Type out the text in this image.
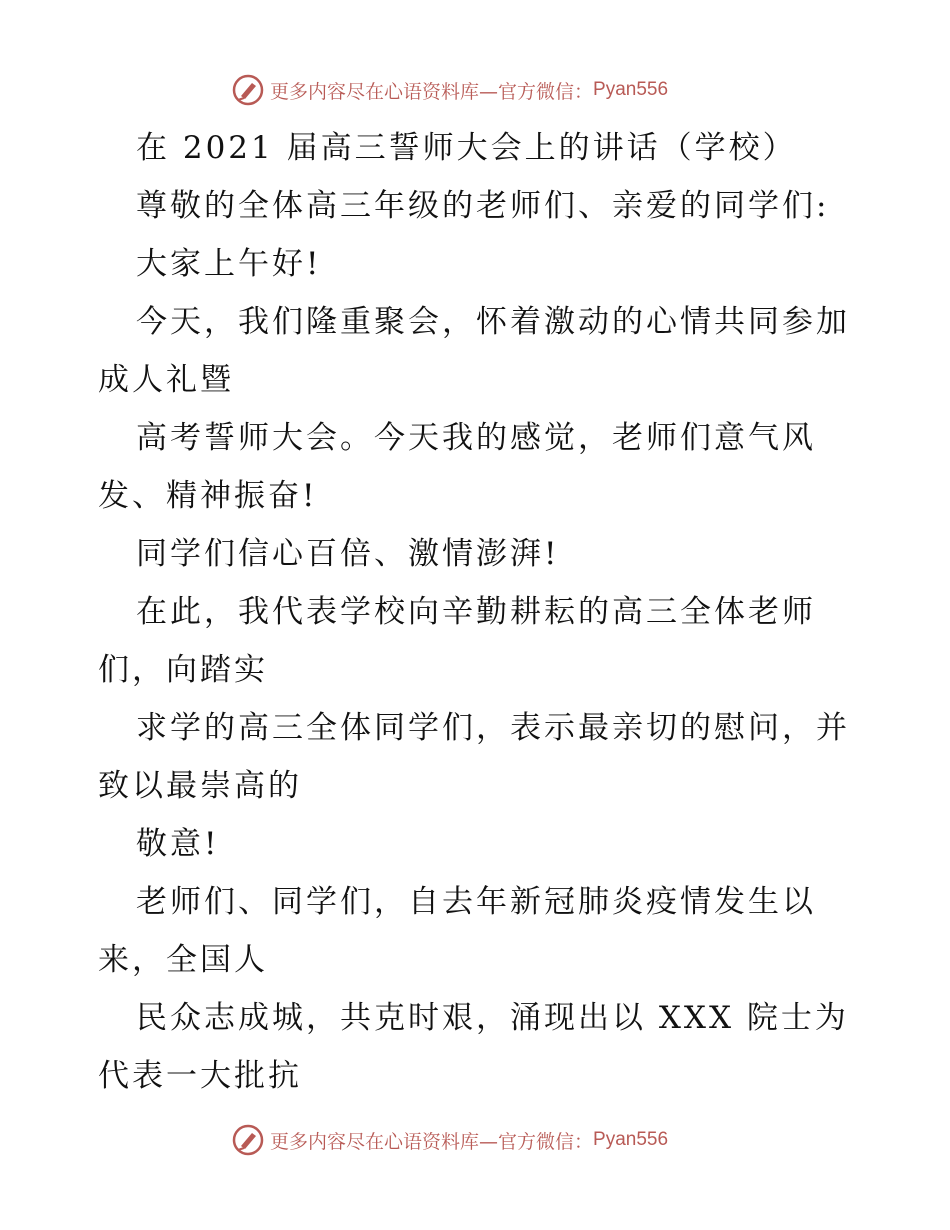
更多内容尽在心语资料库—官方微信： Pyan556
在 2021 届高三誓师大会上的讲话（学校）
尊敬的全体高三年级的老师们、亲爱的同学们:
大家上午好!
今天，我们隆重聚会，怀着激动的心情共同参加
成人礼暨
高考誓师大会。今天我的感觉，老师们意气风
发、精神振奋!
同学们信心百倍、激情澎湃!
在此，我代表学校向辛勤耕耘的高三全体老师
们，向踏实
求学的高三全体同学们，表示最亲切的慰问，并
致以最崇高的
敬意!
老师们、同学们，自去年新冠肺炎疫情发生以
来，全国人
民众志成城，共克时艰，涌现出以 XXX 院士为
代表一大批抗
更多内容尽在心语资料库—官方微信： Pyan556
